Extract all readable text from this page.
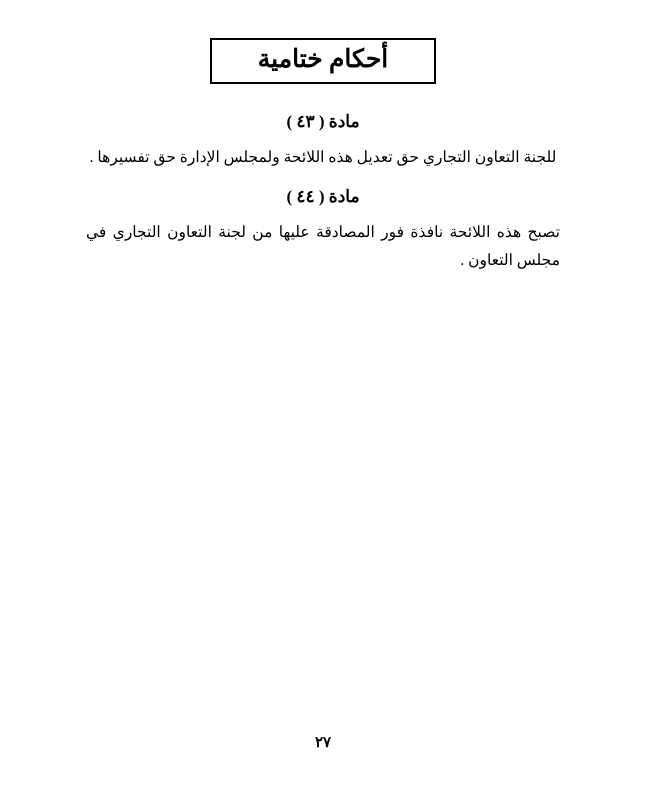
أحكام ختامية
مادة ( ٤٣ )

للجنة التعاون التجاري حق تعديل هذه اللائحة ولمجلس الإدارة حق تفسيرها .

مادة ( ٤٤ )

تصبح هذه اللائحة نافذة فور المصادقة عليها من لجنة التعاون التجاري في مجلس التعاون .

٢٧
